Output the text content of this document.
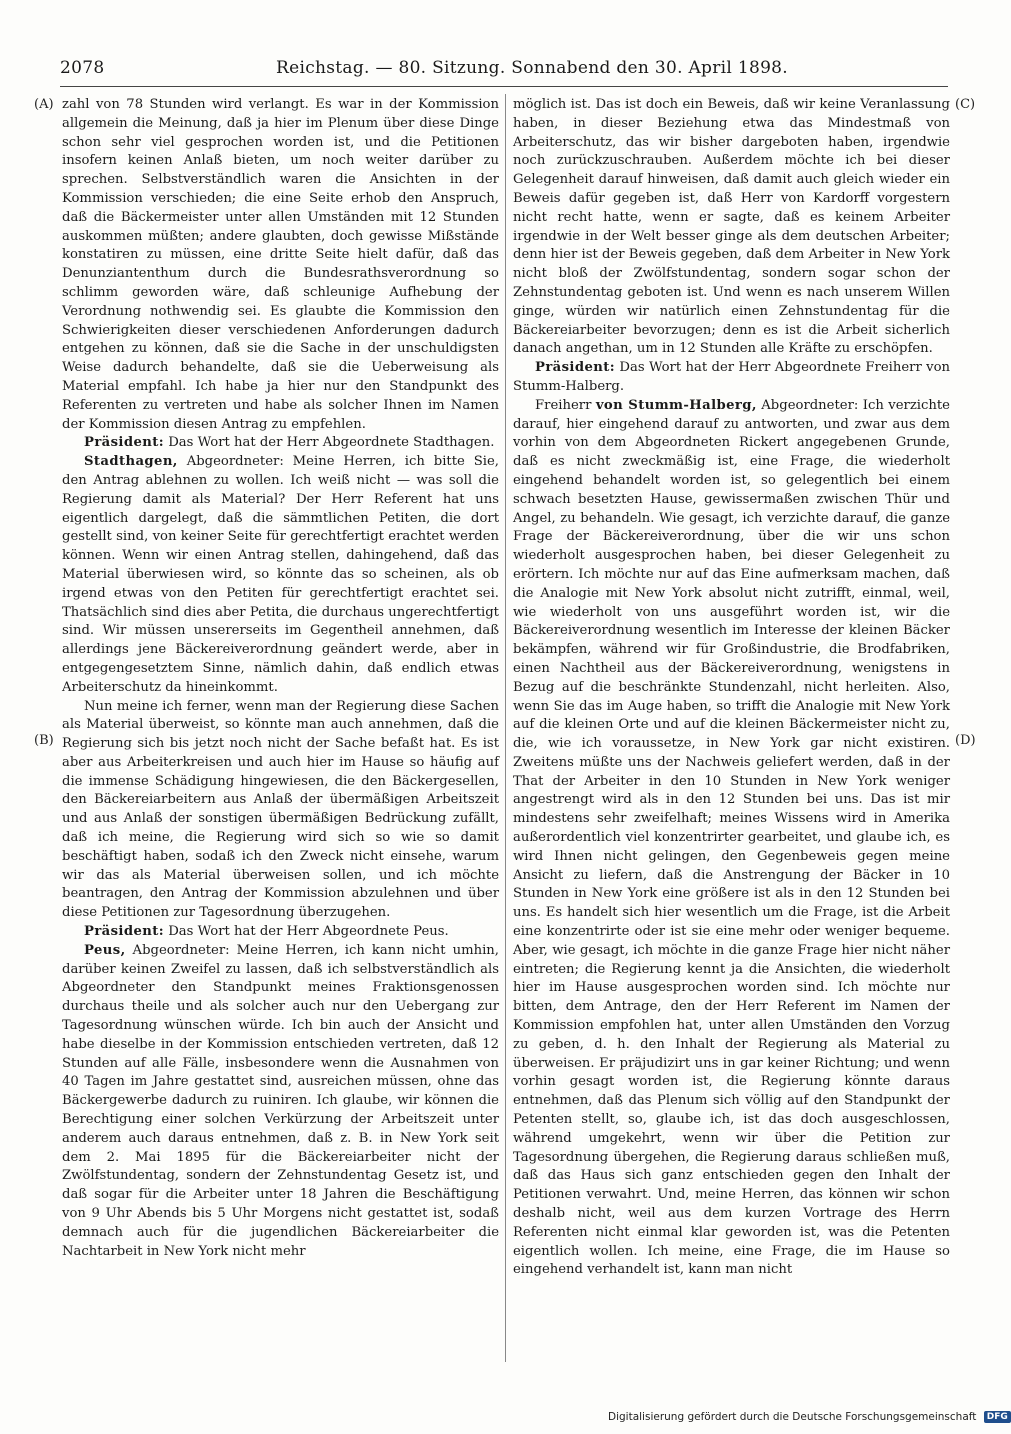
2078	Reichstag. — 80. Sitzung. Sonnabend den 30. April 1898.
(A)
(B)
(C)
(D)

zahl von 78 Stunden wird verlangt. Es war in der Kommission allgemein die Meinung, daß ja hier im Plenum über diese Dinge schon sehr viel gesprochen worden ist, und die Petitionen insofern keinen Anlaß bieten, um noch weiter darüber zu sprechen. Selbstverständlich waren die Ansichten in der Kommission verschieden; die eine Seite erhob den Anspruch, daß die Bäckermeister unter allen Umständen mit 12 Stunden auskommen müßten; andere glaubten, doch gewisse Mißstände konstatiren zu müssen, eine dritte Seite hielt dafür, daß das Denunziantenthum durch die Bundesrathsverordnung so schlimm geworden wäre, daß schleunige Aufhebung der Verordnung nothwendig sei. Es glaubte die Kommission den Schwierigkeiten dieser verschiedenen Anforderungen dadurch entgehen zu können, daß sie die Sache in der unschuldigsten Weise dadurch behandelte, daß sie die Ueberweisung als Material empfahl. Ich habe ja hier nur den Standpunkt des Referenten zu vertreten und habe als solcher Ihnen im Namen der Kommission diesen Antrag zu empfehlen.

Präsident: Das Wort hat der Herr Abgeordnete Stadthagen.

Stadthagen, Abgeordneter: Meine Herren, ich bitte Sie, den Antrag ablehnen zu wollen. Ich weiß nicht — was soll die Regierung damit als Material? Der Herr Referent hat uns eigentlich dargelegt, daß die sämmtlichen Petiten, die dort gestellt sind, von keiner Seite für gerechtfertigt erachtet werden können. Wenn wir einen Antrag stellen, dahingehend, daß das Material überwiesen wird, so könnte das so scheinen, als ob irgend etwas von den Petiten für gerechtfertigt erachtet sei. Thatsächlich sind dies aber Petita, die durchaus ungerechtfertigt sind. Wir müssen unsererseits im Gegentheil annehmen, daß allerdings jene Bäckereiverordnung geändert werde, aber in entgegengesetztem Sinne, nämlich dahin, daß endlich etwas Arbeiterschutz da hineinkommt.

Nun meine ich ferner, wenn man der Regierung diese Sachen als Material überweist, so könnte man auch annehmen, daß die Regierung sich bis jetzt noch nicht der Sache befaßt hat. Es ist aber aus Arbeiterkreisen und auch hier im Hause so häufig auf die immense Schädigung hingewiesen, die den Bäckergesellen, den Bäckereiarbeitern aus Anlaß der übermäßigen Arbeitszeit und aus Anlaß der sonstigen übermäßigen Bedrückung zufällt, daß ich meine, die Regierung wird sich so wie so damit beschäftigt haben, sodaß ich den Zweck nicht einsehe, warum wir das als Material überweisen sollen, und ich möchte beantragen, den Antrag der Kommission abzulehnen und über diese Petitionen zur Tagesordnung überzugehen.

Präsident: Das Wort hat der Herr Abgeordnete Peus.

Peus, Abgeordneter: Meine Herren, ich kann nicht umhin, darüber keinen Zweifel zu lassen, daß ich selbstverständlich als Abgeordneter den Standpunkt meines Fraktionsgenossen durchaus theile und als solcher auch nur den Uebergang zur Tagesordnung wünschen würde. Ich bin auch der Ansicht und habe dieselbe in der Kommission entschieden vertreten, daß 12 Stunden auf alle Fälle, insbesondere wenn die Ausnahmen von 40 Tagen im Jahre gestattet sind, ausreichen müssen, ohne das Bäckergewerbe dadurch zu ruiniren. Ich glaube, wir können die Berechtigung einer solchen Verkürzung der Arbeitszeit unter anderem auch daraus entnehmen, daß z. B. in New York seit dem 2. Mai 1895 für die Bäckereiarbeiter nicht der Zwölfstundentag, sondern der Zehnstundentag Gesetz ist, und daß sogar für die Arbeiter unter 18 Jahren die Beschäftigung von 9 Uhr Abends bis 5 Uhr Morgens nicht gestattet ist, sodaß demnach auch für die jugendlichen Bäckereiarbeiter die Nachtarbeit in New York nicht mehr

möglich ist. Das ist doch ein Beweis, daß wir keine Veranlassung haben, in dieser Beziehung etwa das Mindestmaß von Arbeiterschutz, das wir bisher dargeboten haben, irgendwie noch zurückzuschrauben. Außerdem möchte ich bei dieser Gelegenheit darauf hinweisen, daß damit auch gleich wieder ein Beweis dafür gegeben ist, daß Herr von Kardorff vorgestern nicht recht hatte, wenn er sagte, daß es keinem Arbeiter irgendwie in der Welt besser ginge als dem deutschen Arbeiter; denn hier ist der Beweis gegeben, daß dem Arbeiter in New York nicht bloß der Zwölfstundentag, sondern sogar schon der Zehnstundentag geboten ist. Und wenn es nach unserem Willen ginge, würden wir natürlich einen Zehnstundentag für die Bäckereiarbeiter bevorzugen; denn es ist die Arbeit sicherlich danach angethan, um in 12 Stunden alle Kräfte zu erschöpfen.

Präsident: Das Wort hat der Herr Abgeordnete Freiherr von Stumm-Halberg.

Freiherr von Stumm-Halberg, Abgeordneter: Ich verzichte darauf, hier eingehend darauf zu antworten, und zwar aus dem vorhin von dem Abgeordneten Rickert angegebenen Grunde, daß es nicht zweckmäßig ist, eine Frage, die wiederholt eingehend behandelt worden ist, so gelegentlich bei einem schwach besetzten Hause, gewissermaßen zwischen Thür und Angel, zu behandeln. Wie gesagt, ich verzichte darauf, die ganze Frage der Bäckereiverordnung, über die wir uns schon wiederholt ausgesprochen haben, bei dieser Gelegenheit zu erörtern. Ich möchte nur auf das Eine aufmerksam machen, daß die Analogie mit New York absolut nicht zutrifft, einmal, weil, wie wiederholt von uns ausgeführt worden ist, wir die Bäckereiverordnung wesentlich im Interesse der kleinen Bäcker bekämpfen, während wir für Großindustrie, die Brodfabriken, einen Nachtheil aus der Bäckereiverordnung, wenigstens in Bezug auf die beschränkte Stundenzahl, nicht herleiten. Also, wenn Sie das im Auge haben, so trifft die Analogie mit New York auf die kleinen Orte und auf die kleinen Bäckermeister nicht zu, die, wie ich voraussetze, in New York gar nicht existiren. Zweitens müßte uns der Nachweis geliefert werden, daß in der That der Arbeiter in den 10 Stunden in New York weniger angestrengt wird als in den 12 Stunden bei uns. Das ist mir mindestens sehr zweifelhaft; meines Wissens wird in Amerika außerordentlich viel konzentrirter gearbeitet, und glaube ich, es wird Ihnen nicht gelingen, den Gegenbeweis gegen meine Ansicht zu liefern, daß die Anstrengung der Bäcker in 10 Stunden in New York eine größere ist als in den 12 Stunden bei uns. Es handelt sich hier wesentlich um die Frage, ist die Arbeit eine konzentrirte oder ist sie eine mehr oder weniger bequeme. Aber, wie gesagt, ich möchte in die ganze Frage hier nicht näher eintreten; die Regierung kennt ja die Ansichten, die wiederholt hier im Hause ausgesprochen worden sind. Ich möchte nur bitten, dem Antrage, den der Herr Referent im Namen der Kommission empfohlen hat, unter allen Umständen den Vorzug zu geben, d. h. den Inhalt der Regierung als Material zu überweisen. Er präjudizirt uns in gar keiner Richtung; und wenn vorhin gesagt worden ist, die Regierung könnte daraus entnehmen, daß das Plenum sich völlig auf den Standpunkt der Petenten stellt, so, glaube ich, ist das doch ausgeschlossen, während umgekehrt, wenn wir über die Petition zur Tagesordnung übergehen, die Regierung daraus schließen muß, daß das Haus sich ganz entschieden gegen den Inhalt der Petitionen verwahrt. Und, meine Herren, das können wir schon deshalb nicht, weil aus dem kurzen Vortrage des Herrn Referenten nicht einmal klar geworden ist, was die Petenten eigentlich wollen. Ich meine, eine Frage, die im Hause so eingehend verhandelt ist, kann man nicht

Digitalisierung gefördert durch die Deutsche Forschungsgemeinschaft DFG
